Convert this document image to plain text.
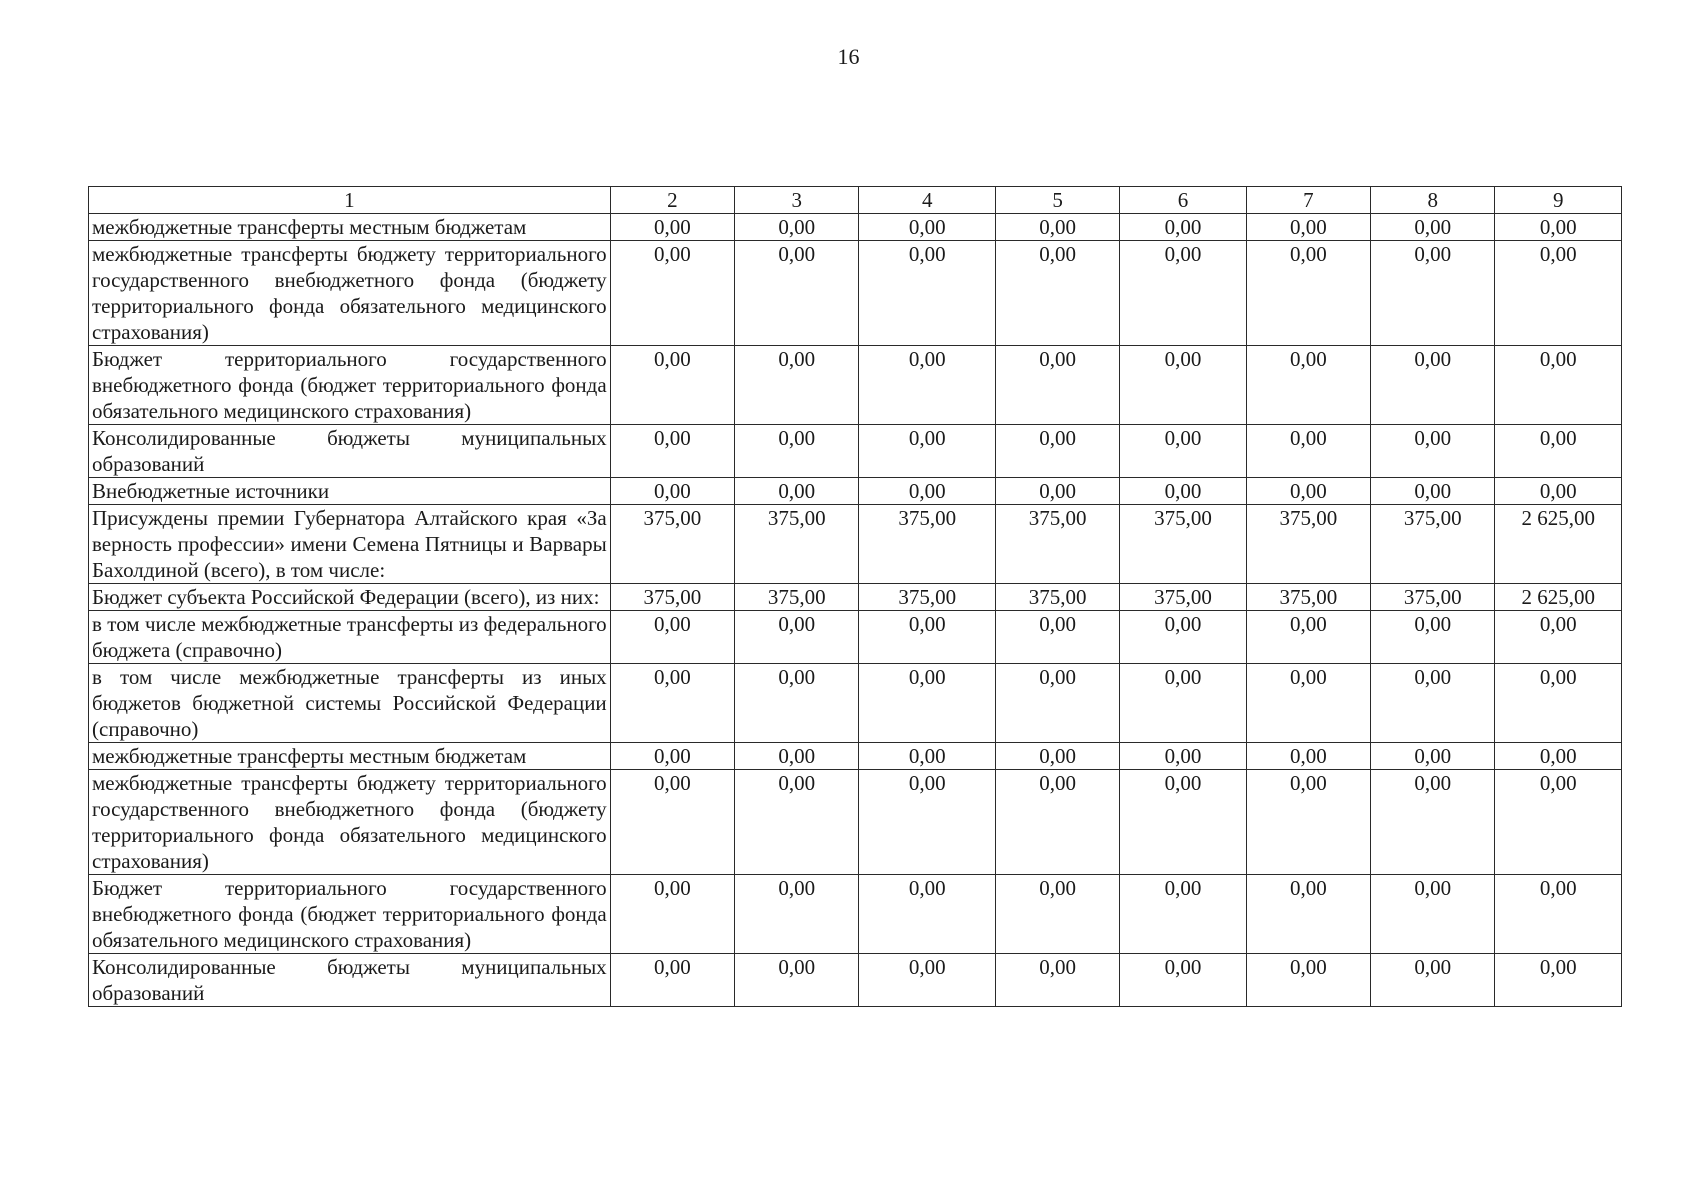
16
1	2	3	4	5	6	7	8	9
межбюджетные трансферты местным бюджетам	0,00	0,00	0,00	0,00	0,00	0,00	0,00	0,00
межбюджетные трансферты бюджету территориального государственного внебюджетного фонда (бюджету территориального фонда обязательного медицинского страхования)	0,00	0,00	0,00	0,00	0,00	0,00	0,00	0,00
Бюджет территориального государственного внебюджетного фонда (бюджет территориального фонда обязательного медицинского страхования)	0,00	0,00	0,00	0,00	0,00	0,00	0,00	0,00
Консолидированные бюджеты муниципальных образований	0,00	0,00	0,00	0,00	0,00	0,00	0,00	0,00
Внебюджетные источники	0,00	0,00	0,00	0,00	0,00	0,00	0,00	0,00
Присуждены премии Губернатора Алтайского края «За верность профессии» имени Семена Пятницы и Варвары Бахолдиной (всего), в том числе:	375,00	375,00	375,00	375,00	375,00	375,00	375,00	2 625,00
Бюджет субъекта Российской Федерации (всего), из них:	375,00	375,00	375,00	375,00	375,00	375,00	375,00	2 625,00
в том числе межбюджетные трансферты из федерального бюджета (справочно)	0,00	0,00	0,00	0,00	0,00	0,00	0,00	0,00
в том числе межбюджетные трансферты из иных бюджетов бюджетной системы Российской Федерации (справочно)	0,00	0,00	0,00	0,00	0,00	0,00	0,00	0,00
межбюджетные трансферты местным бюджетам	0,00	0,00	0,00	0,00	0,00	0,00	0,00	0,00
межбюджетные трансферты бюджету территориального государственного внебюджетного фонда (бюджету территориального фонда обязательного медицинского страхования)	0,00	0,00	0,00	0,00	0,00	0,00	0,00	0,00
Бюджет территориального государственного внебюджетного фонда (бюджет территориального фонда обязательного медицинского страхования)	0,00	0,00	0,00	0,00	0,00	0,00	0,00	0,00
Консолидированные бюджеты муниципальных образований	0,00	0,00	0,00	0,00	0,00	0,00	0,00	0,00
